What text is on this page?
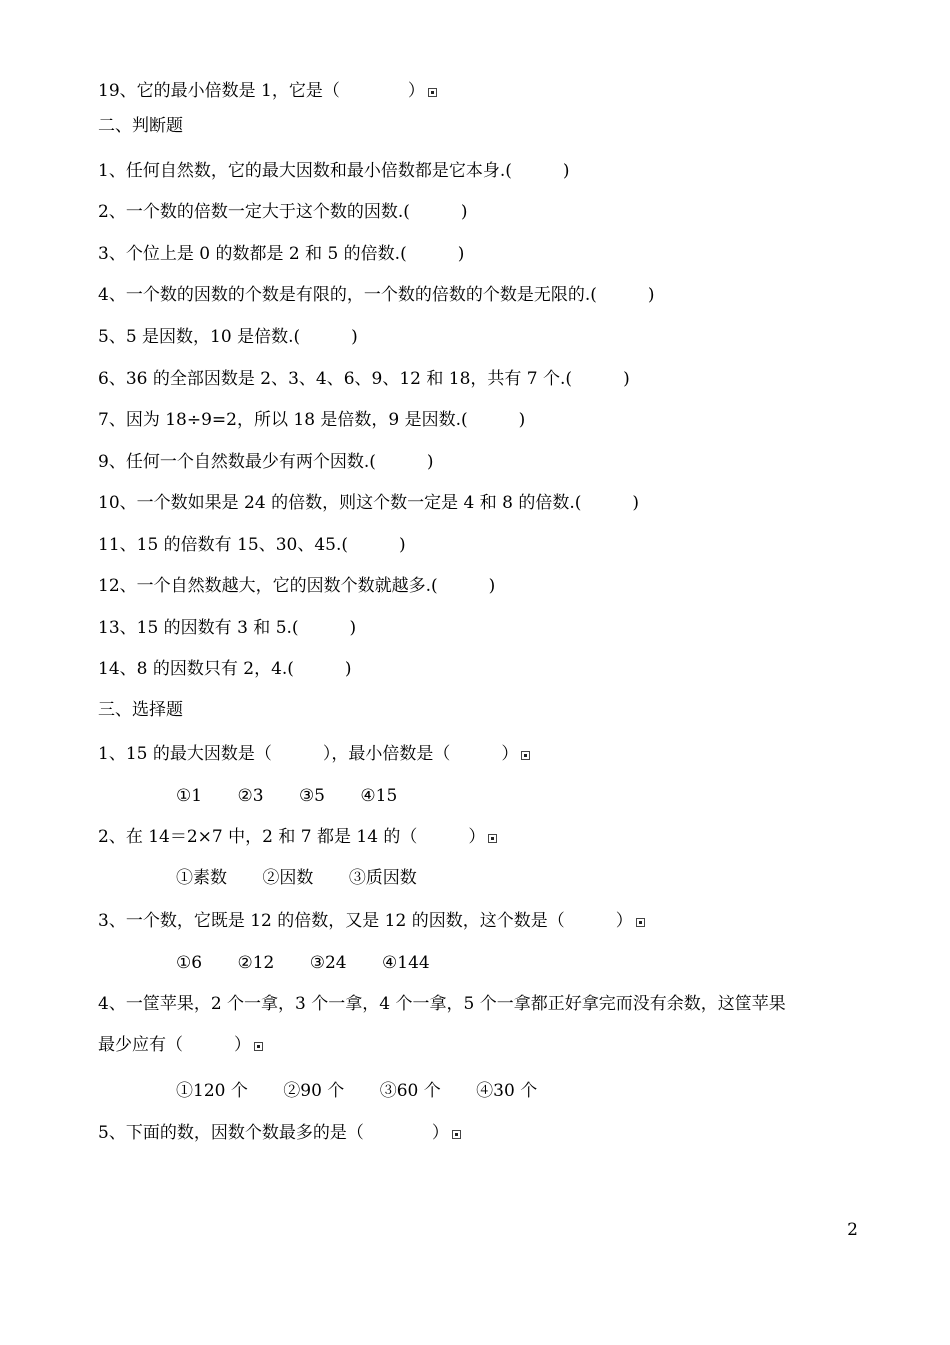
19、它的最小倍数是 1，它是（　　　　）
二、判断题
1、任何自然数，它的最大因数和最小倍数都是它本身.(　　　)
2、一个数的倍数一定大于这个数的因数.(　　　)
3、个位上是 0 的数都是 2 和 5 的倍数.(　　　)
4、一个数的因数的个数是有限的，一个数的倍数的个数是无限的.(　　　)
5、5 是因数，10 是倍数.(　　　)
6、36 的全部因数是 2、3、4、6、9、12 和 18，共有 7 个.(　　　)
7、因为 18÷9=2，所以 18 是倍数，9 是因数.(　　　)
9、任何一个自然数最少有两个因数.(　　　)
10、一个数如果是 24 的倍数，则这个数一定是 4 和 8 的倍数.(　　　)
11、15 的倍数有 15、30、45.(　　　)
12、一个自然数越大，它的因数个数就越多.(　　　)
13、15 的因数有 3 和 5.(　　　)
14、8 的因数只有 2，4.(　　　)
三、选择题
1、15 的最大因数是（　　　），最小倍数是（　　　）
①1 ②3 ③5 ④15
2、在 14＝2×7 中，2 和 7 都是 14 的（　　　）
①素数 ②因数 ③质因数
3、一个数，它既是 12 的倍数，又是 12 的因数，这个数是（　　　）
①6 ②12 ③24 ④144
4、一筐苹果，2 个一拿，3 个一拿，4 个一拿，5 个一拿都正好拿完而没有余数，这筐苹果
最少应有（　　　）
①120 个 ②90 个 ③60 个 ④30 个
5、下面的数，因数个数最多的是（　　　　）
2
